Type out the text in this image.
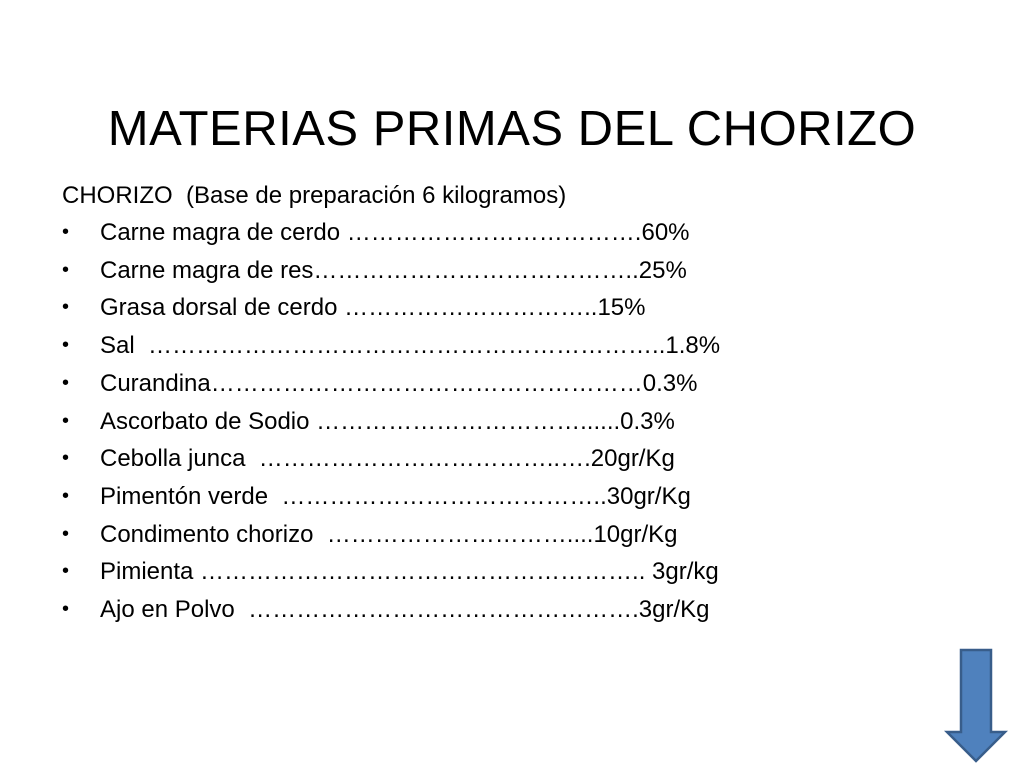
MATERIAS PRIMAS DEL CHORIZO
CHORIZO  (Base de preparación 6 kilogramos)
• Carne magra de cerdo ……………………………….60%
• Carne magra de res…………………………………..25%
• Grasa dorsal de cerdo …………………………..15%
• Sal  ………………………………………………………..1.8%
• Curandina………………………………………………0.3%
• Ascorbato de Sodio ……………………………......0.3%
• Cebolla junca  ………………………………..….20gr/Kg
• Pimentón verde  …………………………………..30gr/Kg
• Condimento chorizo  …………………………....10gr/Kg
• Pimienta ……………………………………………….. 3gr/kg
• Ajo en Polvo  ………………………………………….3gr/Kg
